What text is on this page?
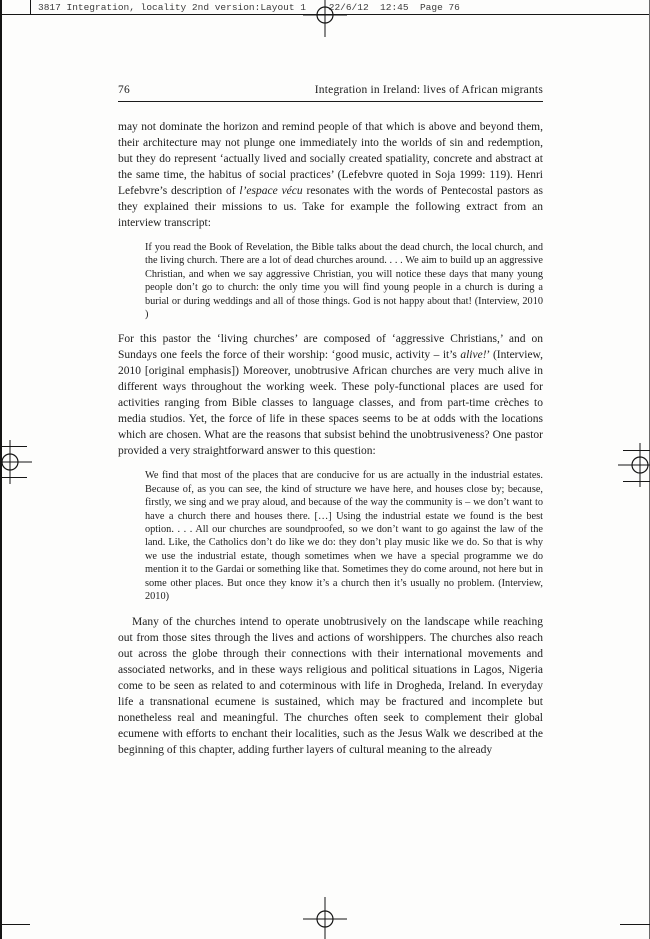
3817 Integration, locality 2nd version:Layout 1    22/6/12  12:45  Page 76
76	Integration in Ireland: lives of African migrants

may not dominate the horizon and remind people of that which is above and beyond them, their architecture may not plunge one immediately into the worlds of sin and redemption, but they do represent ‘actually lived and socially created spatiality, concrete and abstract at the same time, the habitus of social practices’ (Lefebvre quoted in Soja 1999: 119). Henri Lefebvre’s description of l’espace vécu resonates with the words of Pentecostal pastors as they explained their missions to us. Take for example the following extract from an interview transcript:

If you read the Book of Revelation, the Bible talks about the dead church, the local church, and the living church. There are a lot of dead churches around. . . . We aim to build up an aggressive Christian, and when we say aggressive Christian, you will notice these days that many young people don’t go to church: the only time you will find young people in a church is during a burial or during weddings and all of those things. God is not happy about that! (Interview, 2010 )

For this pastor the ‘living churches’ are composed of ‘aggressive Christians,’ and on Sundays one feels the force of their worship: ‘good music, activity – it’s alive!’ (Interview, 2010 [original emphasis]) Moreover, unobtrusive African churches are very much alive in different ways throughout the working week. These poly-functional places are used for activities ranging from Bible classes to language classes, and from part-time crèches to media studios. Yet, the force of life in these spaces seems to be at odds with the locations which are chosen. What are the reasons that subsist behind the unobtrusiveness? One pastor provided a very straightforward answer to this question:

We find that most of the places that are conducive for us are actually in the industrial estates. Because of, as you can see, the kind of structure we have here, and houses close by; because, firstly, we sing and we pray aloud, and because of the way the community is – we don’t want to have a church there and houses there. […] Using the industrial estate we found is the best option. . . . All our churches are soundproofed, so we don’t want to go against the law of the land. Like, the Catholics don’t do like we do: they don’t play music like we do. So that is why we use the industrial estate, though sometimes when we have a special programme we do mention it to the Gardai or something like that. Sometimes they do come around, not here but in some other places. But once they know it’s a church then it’s usually no problem. (Interview, 2010)

Many of the churches intend to operate unobtrusively on the landscape while reaching out from those sites through the lives and actions of worshippers. The churches also reach out across the globe through their connections with their international movements and associated networks, and in these ways religious and political situations in Lagos, Nigeria come to be seen as related to and coterminous with life in Drogheda, Ireland. In everyday life a transnational ecumene is sustained, which may be fractured and incomplete but nonetheless real and meaningful. The churches often seek to complement their global ecumene with efforts to enchant their localities, such as the Jesus Walk we described at the beginning of this chapter, adding further layers of cultural meaning to the already
